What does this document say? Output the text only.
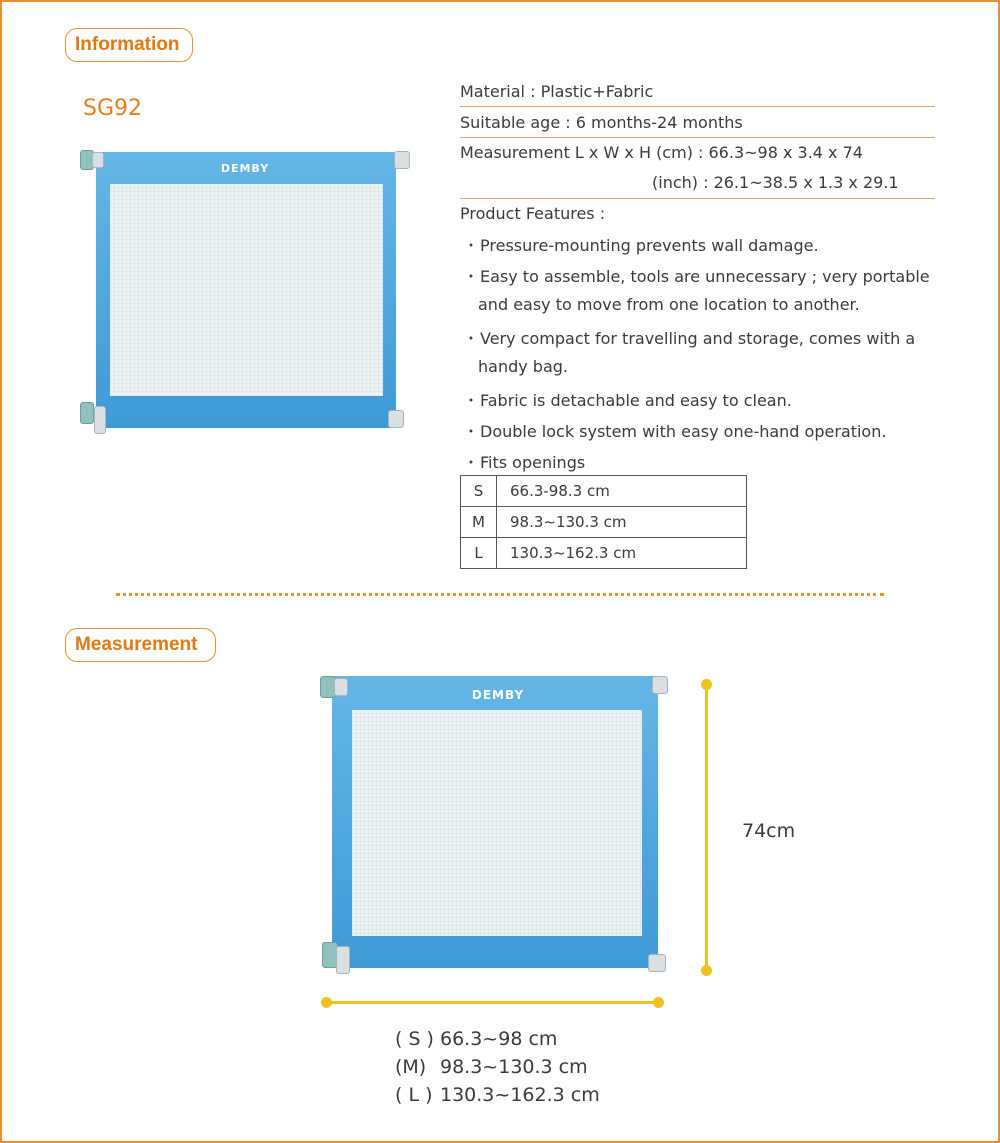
Information
SG92
DEMBY
Material : Plastic+Fabric
Suitable age : 6 months-24 months
Measurement L x W x H (cm) : 66.3~98 x 3.4 x 74
(inch) : 26.1~38.5 x 1.3 x 29.1
Product Features :
・Pressure-mounting prevents wall damage.
・Easy to assemble, tools are unnecessary ; very portable
and easy to move from one location to another.
・Very compact for travelling and storage, comes with a
handy bag.
・Fabric is detachable and easy to clean.
・Double lock system with easy one-hand operation.
・Fits openings
S	66.3-98.3 cm
M	98.3~130.3 cm
L	130.3~162.3 cm
Measurement
DEMBY
74cm
( S ) 66.3~98 cm
(M) 98.3~130.3 cm
( L ) 130.3~162.3 cm
